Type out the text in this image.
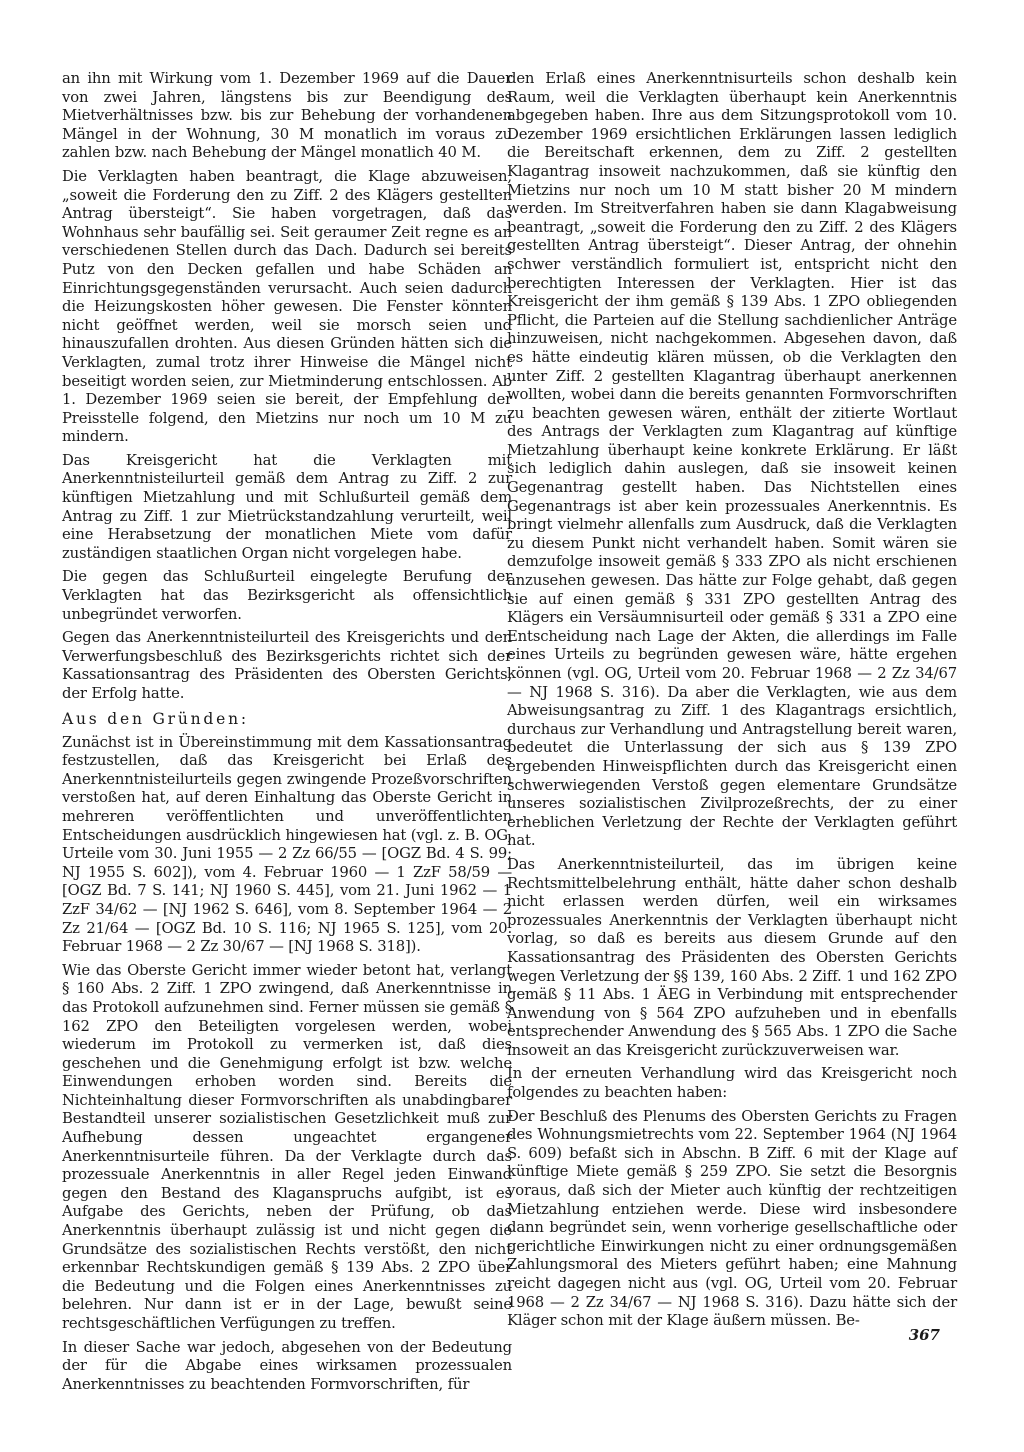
an ihn mit Wirkung vom 1. Dezember 1969 auf die Dauer von zwei Jahren, längstens bis zur Beendigung des Mietverhältnisses bzw. bis zur Behebung der vorhandenen Mängel in der Wohnung, 30 M monatlich im voraus zu zahlen bzw. nach Behebung der Mängel monatlich 40 M.

Die Verklagten haben beantragt, die Klage abzuweisen, „soweit die Forderung den zu Ziff. 2 des Klägers gestellten Antrag übersteigt“. Sie haben vorgetragen, daß das Wohnhaus sehr baufällig sei. Seit geraumer Zeit regne es an verschiedenen Stellen durch das Dach. Dadurch sei bereits Putz von den Decken gefallen und habe Schäden an Einrichtungsgegenständen verursacht. Auch seien dadurch die Heizungskosten höher gewesen. Die Fenster könnten nicht geöffnet werden, weil sie morsch seien und hinauszufallen drohten. Aus diesen Gründen hätten sich die Verklagten, zumal trotz ihrer Hinweise die Mängel nicht beseitigt worden seien, zur Mietminderung entschlossen. Ab 1. Dezember 1969 seien sie bereit, der Empfehlung der Preisstelle folgend, den Mietzins nur noch um 10 M zu mindern.

Das Kreisgericht hat die Verklagten mit Anerkenntnisteilurteil gemäß dem Antrag zu Ziff. 2 zur künftigen Mietzahlung und mit Schlußurteil gemäß dem Antrag zu Ziff. 1 zur Mietrückstandzahlung verurteilt, weil eine Herabsetzung der monatlichen Miete vom dafür zuständigen staatlichen Organ nicht vorgelegen habe.

Die gegen das Schlußurteil eingelegte Berufung der Verklagten hat das Bezirksgericht als offensichtlich unbegründet verworfen.

Gegen das Anerkenntnisteilurteil des Kreisgerichts und den Verwerfungsbeschluß des Bezirksgerichts richtet sich der Kassationsantrag des Präsidenten des Obersten Gerichts, der Erfolg hatte.

Aus den Gründen:

Zunächst ist in Übereinstimmung mit dem Kassationsantrag festzustellen, daß das Kreisgericht bei Erlaß des Anerkenntnisteilurteils gegen zwingende Prozeßvorschriften verstoßen hat, auf deren Einhaltung das Oberste Gericht in mehreren veröffentlichten und unveröffentlichten Entscheidungen ausdrücklich hingewiesen hat (vgl. z. B. OG, Urteile vom 30. Juni 1955 — 2 Zz 66/55 — [OGZ Bd. 4 S. 99; NJ 1955 S. 602]), vom 4. Februar 1960 — 1 ZzF 58/59 — [OGZ Bd. 7 S. 141; NJ 1960 S. 445], vom 21. Juni 1962 — 1 ZzF 34/62 — [NJ 1962 S. 646], vom 8. September 1964 — 2 Zz 21/64 — [OGZ Bd. 10 S. 116; NJ 1965 S. 125], vom 20. Februar 1968 — 2 Zz 30/67 — [NJ 1968 S. 318]).

Wie das Oberste Gericht immer wieder betont hat, verlangt § 160 Abs. 2 Ziff. 1 ZPO zwingend, daß Anerkenntnisse in das Protokoll aufzunehmen sind. Ferner müssen sie gemäß § 162 ZPO den Beteiligten vorgelesen werden, wobei wiederum im Protokoll zu vermerken ist, daß dies geschehen und die Genehmigung erfolgt ist bzw. welche Einwendungen erhoben worden sind. Bereits die Nichteinhaltung dieser Formvorschriften als unabdingbarer Bestandteil unserer sozialistischen Gesetzlichkeit muß zur Aufhebung dessen ungeachtet ergangener Anerkenntnisurteile führen. Da der Verklagte durch das prozessuale Anerkenntnis in aller Regel jeden Einwand gegen den Bestand des Klaganspruchs aufgibt, ist es Aufgabe des Gerichts, neben der Prüfung, ob das Anerkenntnis überhaupt zulässig ist und nicht gegen die Grundsätze des sozialistischen Rechts verstößt, den nicht erkennbar Rechtskundigen gemäß § 139 Abs. 2 ZPO über die Bedeutung und die Folgen eines Anerkenntnisses zu belehren. Nur dann ist er in der Lage, bewußt seine rechtsgeschäftlichen Verfügungen zu treffen.

In dieser Sache war jedoch, abgesehen von der Bedeutung der für die Abgabe eines wirksamen prozessualen Anerkenntnisses zu beachtenden Formvorschriften, für

den Erlaß eines Anerkenntnisurteils schon deshalb kein Raum, weil die Verklagten überhaupt kein Anerkenntnis abgegeben haben. Ihre aus dem Sitzungsprotokoll vom 10. Dezember 1969 ersichtlichen Erklärungen lassen lediglich die Bereitschaft erkennen, dem zu Ziff. 2 gestellten Klagantrag insoweit nachzukommen, daß sie künftig den Mietzins nur noch um 10 M statt bisher 20 M mindern werden. Im Streitverfahren haben sie dann Klagabweisung beantragt, „soweit die Forderung den zu Ziff. 2 des Klägers gestellten Antrag übersteigt“. Dieser Antrag, der ohnehin schwer verständlich formuliert ist, entspricht nicht den berechtigten Interessen der Verklagten. Hier ist das Kreisgericht der ihm gemäß § 139 Abs. 1 ZPO obliegenden Pflicht, die Parteien auf die Stellung sachdienlicher Anträge hinzuweisen, nicht nachgekommen. Abgesehen davon, daß es hätte eindeutig klären müssen, ob die Verklagten den unter Ziff. 2 gestellten Klagantrag überhaupt anerkennen wollten, wobei dann die bereits genannten Formvorschriften zu beachten gewesen wären, enthält der zitierte Wortlaut des Antrags der Verklagten zum Klagantrag auf künftige Mietzahlung überhaupt keine konkrete Erklärung. Er läßt sich lediglich dahin auslegen, daß sie insoweit keinen Gegenantrag gestellt haben. Das Nichtstellen eines Gegenantrags ist aber kein prozessuales Anerkenntnis. Es bringt vielmehr allenfalls zum Ausdruck, daß die Verklagten zu diesem Punkt nicht verhandelt haben. Somit wären sie demzufolge insoweit gemäß § 333 ZPO als nicht erschienen anzusehen gewesen. Das hätte zur Folge gehabt, daß gegen sie auf einen gemäß § 331 ZPO gestellten Antrag des Klägers ein Versäumnisurteil oder gemäß § 331 a ZPO eine Entscheidung nach Lage der Akten, die allerdings im Falle eines Urteils zu begründen gewesen wäre, hätte ergehen können (vgl. OG, Urteil vom 20. Februar 1968 — 2 Zz 34/67 — NJ 1968 S. 316). Da aber die Verklagten, wie aus dem Abweisungsantrag zu Ziff. 1 des Klagantrags ersichtlich, durchaus zur Verhandlung und Antragstellung bereit waren, bedeutet die Unterlassung der sich aus § 139 ZPO ergebenden Hinweispflichten durch das Kreisgericht einen schwerwiegenden Verstoß gegen elementare Grundsätze unseres sozialistischen Zivilprozeßrechts, der zu einer erheblichen Verletzung der Rechte der Verklagten geführt hat.

Das Anerkenntnisteilurteil, das im übrigen keine Rechtsmittelbelehrung enthält, hätte daher schon deshalb nicht erlassen werden dürfen, weil ein wirksames prozessuales Anerkenntnis der Verklagten überhaupt nicht vorlag, so daß es bereits aus diesem Grunde auf den Kassationsantrag des Präsidenten des Obersten Gerichts wegen Verletzung der §§ 139, 160 Abs. 2 Ziff. 1 und 162 ZPO gemäß § 11 Abs. 1 ÄEG in Verbindung mit entsprechender Anwendung von § 564 ZPO aufzuheben und in ebenfalls entsprechender Anwendung des § 565 Abs. 1 ZPO die Sache insoweit an das Kreisgericht zurückzuverweisen war.

In der erneuten Verhandlung wird das Kreisgericht noch folgendes zu beachten haben:

Der Beschluß des Plenums des Obersten Gerichts zu Fragen des Wohnungsmietrechts vom 22. September 1964 (NJ 1964 S. 609) befaßt sich in Abschn. B Ziff. 6 mit der Klage auf künftige Miete gemäß § 259 ZPO. Sie setzt die Besorgnis voraus, daß sich der Mieter auch künftig der rechtzeitigen Mietzahlung entziehen werde. Diese wird insbesondere dann begründet sein, wenn vorherige gesellschaftliche oder gerichtliche Einwirkungen nicht zu einer ordnungsgemäßen Zahlungsmoral des Mieters geführt haben; eine Mahnung reicht dagegen nicht aus (vgl. OG, Urteil vom 20. Februar 1968 — 2 Zz 34/67 — NJ 1968 S. 316). Dazu hätte sich der Kläger schon mit der Klage äußern müssen. Be-

367
